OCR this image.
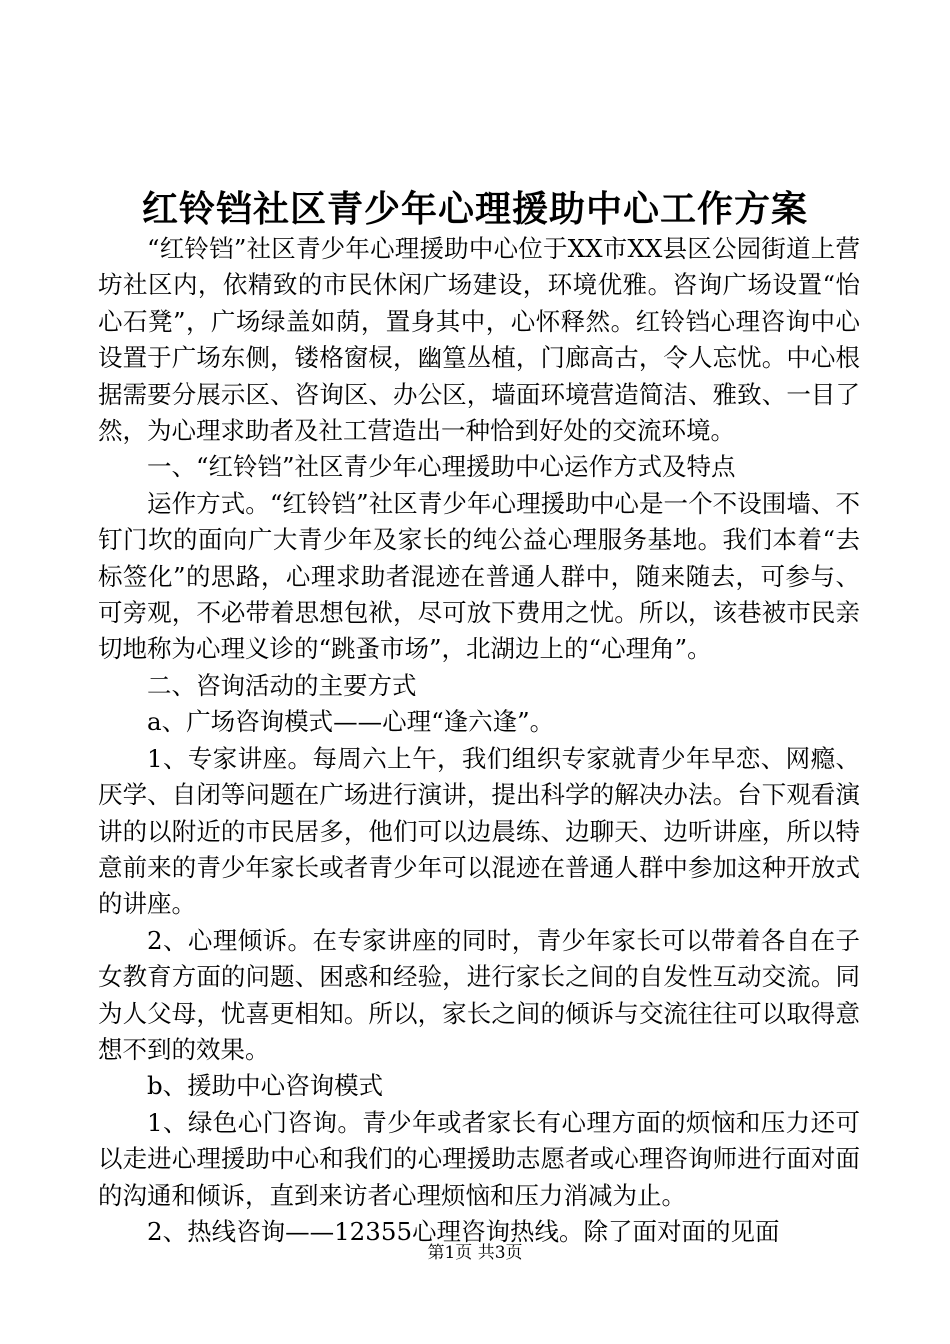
红铃铛社区青少年心理援助中心工作方案

“红铃铛”社区青少年心理援助中心位于XX市XX县区公园街道上营坊社区内，依精致的市民休闲广场建设，环境优雅。咨询广场设置“怡心石凳”，广场绿盖如荫，置身其中，心怀释然。红铃铛心理咨询中心设置于广场东侧，镂格窗棂，幽篁丛植，门廊高古，令人忘忧。中心根据需要分展示区、咨询区、办公区，墙面环境营造简洁、雅致、一目了然，为心理求助者及社工营造出一种恰到好处的交流环境。

一、“红铃铛”社区青少年心理援助中心运作方式及特点

运作方式。“红铃铛”社区青少年心理援助中心是一个不设围墙、不钉门坎的面向广大青少年及家长的纯公益心理服务基地。我们本着“去标签化”的思路，心理求助者混迹在普通人群中，随来随去，可参与、可旁观，不必带着思想包袱，尽可放下费用之忧。所以，该巷被市民亲切地称为心理义诊的“跳蚤市场”，北湖边上的“心理角”。

二、咨询活动的主要方式

a、广场咨询模式——心理“逢六逢”。

1、专家讲座。每周六上午，我们组织专家就青少年早恋、网瘾、厌学、自闭等问题在广场进行演讲，提出科学的解决办法。台下观看演讲的以附近的市民居多，他们可以边晨练、边聊天、边听讲座，所以特意前来的青少年家长或者青少年可以混迹在普通人群中参加这种开放式的讲座。

2、心理倾诉。在专家讲座的同时，青少年家长可以带着各自在子女教育方面的问题、困惑和经验，进行家长之间的自发性互动交流。同为人父母，忧喜更相知。所以，家长之间的倾诉与交流往往可以取得意想不到的效果。

b、援助中心咨询模式

1、绿色心门咨询。青少年或者家长有心理方面的烦恼和压力还可以走进心理援助中心和我们的心理援助志愿者或心理咨询师进行面对面的沟通和倾诉，直到来访者心理烦恼和压力消减为止。

2、热线咨询——12355心理咨询热线。除了面对面的见面

第1页 共3页
